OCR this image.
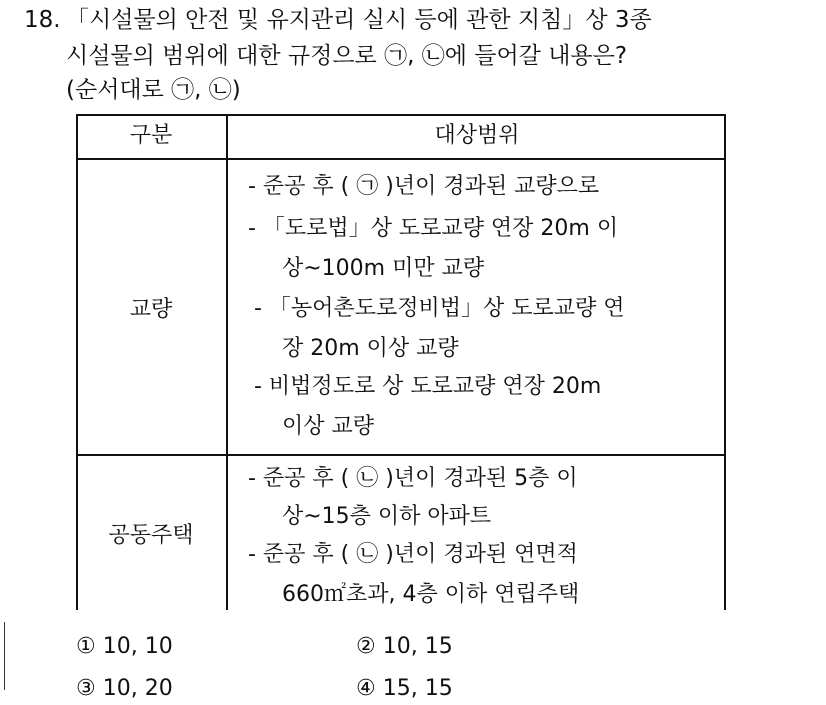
18. 「시설물의 안전 및 유지관리 실시 등에 관한 지침」상 3종
시설물의 범위에 대한 규정으로 ㉠, ㉡에 들어갈 내용은?
(순서대로 ㉠, ㉡)
구분	대상범위
교량
- 준공 후 ( ㉠ )년이 경과된 교량으로
- 「도로법」상 도로교량 연장 20m 이
상~100m 미만 교량
- 「농어촌도로정비법」상 도로교량 연
장 20m 이상 교량
- 비법정도로 상 도로교량 연장 20m
이상 교량
공동주택
- 준공 후 ( ㉡ )년이 경과된 5층 이
상~15층 이하 아파트
- 준공 후 ( ㉡ )년이 경과된 연면적
660㎡초과, 4층 이하 연립주택
① 10, 10	② 10, 15
③ 10, 20	④ 15, 15
